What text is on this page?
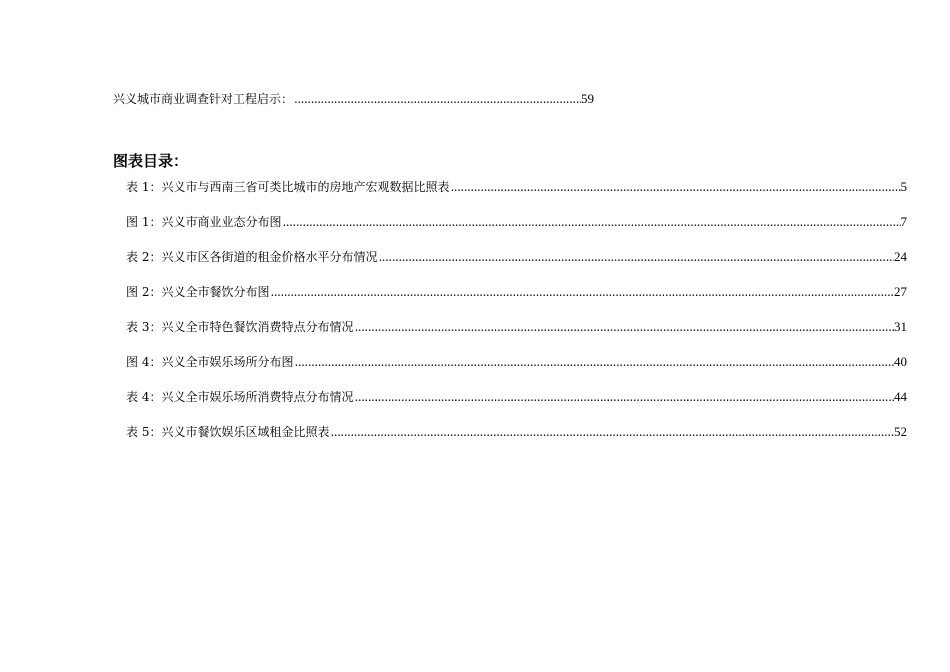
兴义城市商业调查针对工程启示： .....	59
图表目录：
表 1：兴义市与西南三省可类比城市的房地产宏观数据比照表 .....	5
图 1：兴义市商业业态分布图 .....	7
表 2：兴义市区各街道的租金价格水平分布情况 .....	24
图 2：兴义全市餐饮分布图 .....	27
表 3：兴义全市特色餐饮消费特点分布情况 .....	31
图 4：兴义全市娱乐场所分布图 .....	40
表 4：兴义全市娱乐场所消费特点分布情况 .....	44
表 5：兴义市餐饮娱乐区域租金比照表 .....	52
